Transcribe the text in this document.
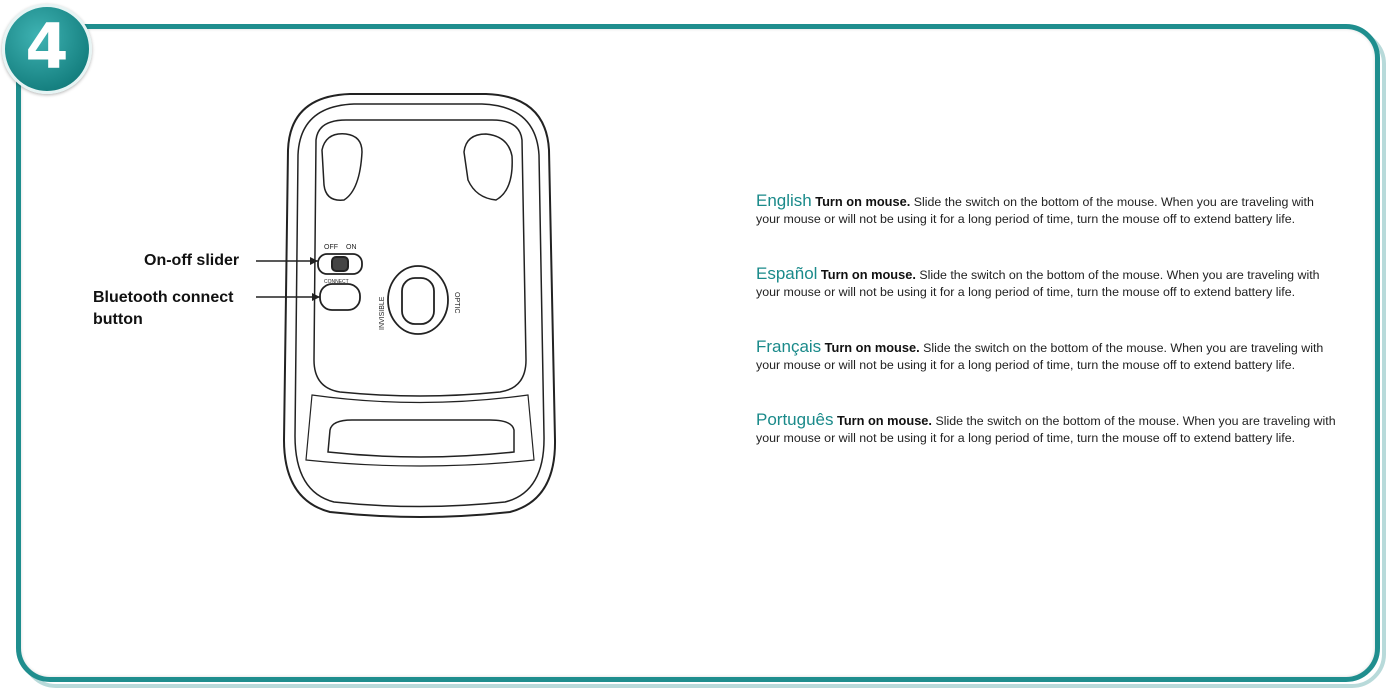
4
OFF ON
CONNECT
INVISIBLE	OPTIC
On-off slider
Bluetooth connect button

English Turn on mouse. Slide the switch on the bottom of the mouse. When you are traveling with your mouse or will not be using it for a long period of time, turn the mouse off to extend battery life.

Español Turn on mouse. Slide the switch on the bottom of the mouse. When you are traveling with your mouse or will not be using it for a long period of time, turn the mouse off to extend battery life.

Français Turn on mouse. Slide the switch on the bottom of the mouse. When you are traveling with your mouse or will not be using it for a long period of time, turn the mouse off to extend battery life.

Português Turn on mouse. Slide the switch on the bottom of the mouse. When you are traveling with your mouse or will not be using it for a long period of time, turn the mouse off to extend battery life.
